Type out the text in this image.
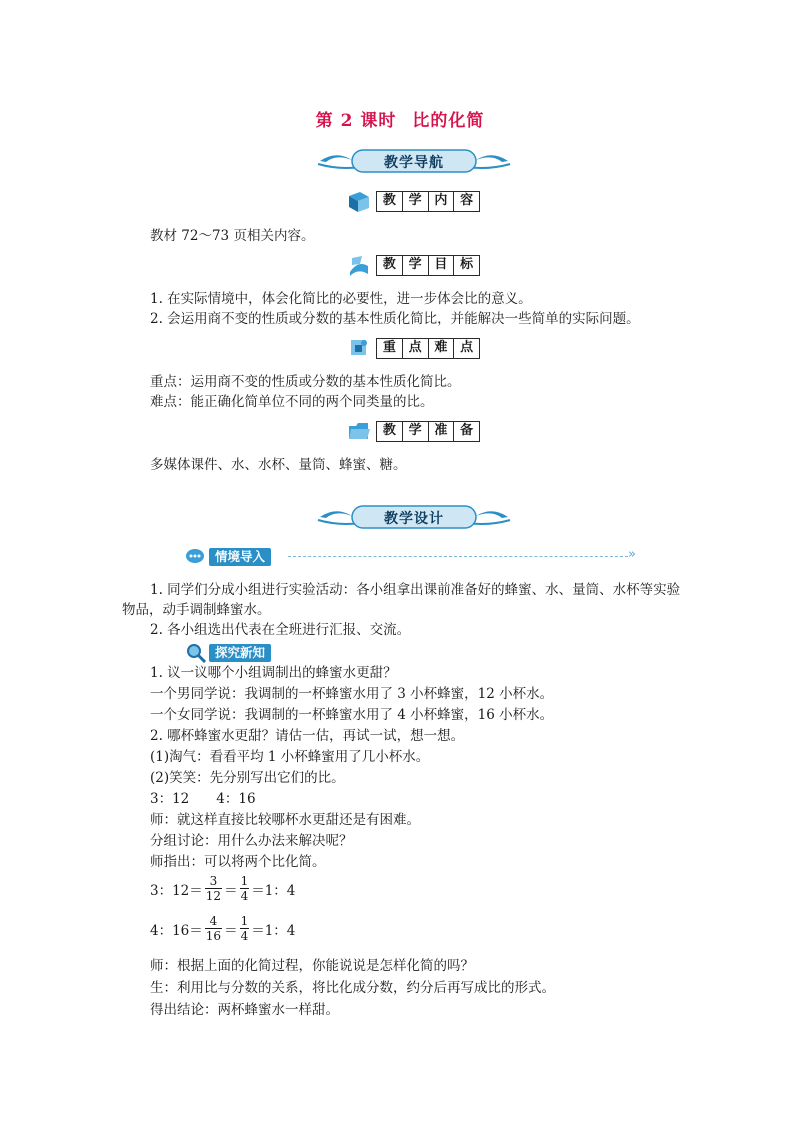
第 2 课时 比的化简
教学导航
教 学 内 容
教材 72～73 页相关内容。
教 学 目 标
1. 在实际情境中，体会化简比的必要性，进一步体会比的意义。
2. 会运用商不变的性质或分数的基本性质化简比，并能解决一些简单的实际问题。
重 点 难 点
重点：运用商不变的性质或分数的基本性质化简比。
难点：能正确化简单位不同的两个同类量的比。
教 学 准 备
多媒体课件、水、水杯、量筒、蜂蜜、糖。
教学设计
情境导入	»
1. 同学们分成小组进行实验活动：各小组拿出课前准备好的蜂蜜、水、量筒、水杯等实验物品，动手调制蜂蜜水。
2. 各小组选出代表在全班进行汇报、交流。
探究新知
1. 议一议哪个小组调制出的蜂蜜水更甜？
一个男同学说：我调制的一杯蜂蜜水用了 3 小杯蜂蜜，12 小杯水。
一个女同学说：我调制的一杯蜂蜜水用了 4 小杯蜂蜜，16 小杯水。
2. 哪杯蜂蜜水更甜？请估一估，再试一试，想一想。
(1)淘气：看看平均 1 小杯蜂蜜用了几小杯水。
(2)笑笑：先分别写出它们的比。
3：12　　4：16
师：就这样直接比较哪杯水更甜还是有困难。
分组讨论：用什么办法来解决呢？
师指出：可以将两个比化简。
3：$12= \frac{3}{12} = \frac{1}{4} =1$：4
4：$16= \frac{4}{16} = \frac{1}{4} =1$：4
师：根据上面的化简过程，你能说说是怎样化简的吗？
生：利用比与分数的关系，将比化成分数，约分后再写成比的形式。
得出结论：两杯蜂蜜水一样甜。
